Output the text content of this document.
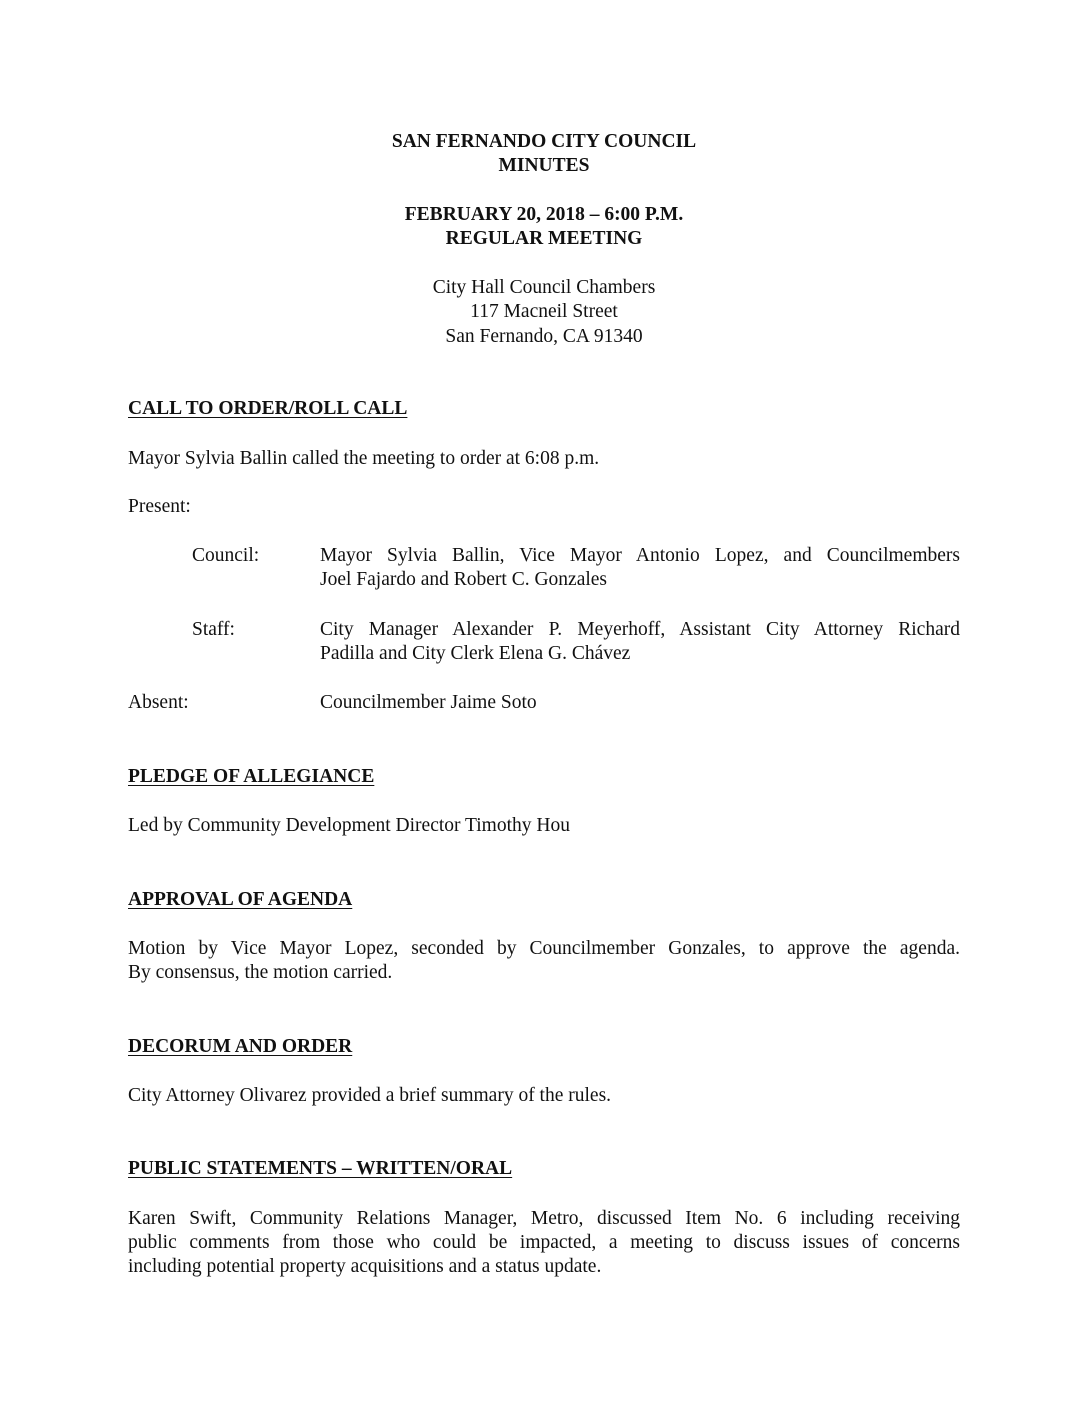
SAN FERNANDO CITY COUNCIL
MINUTES
FEBRUARY 20, 2018 – 6:00 P.M.
REGULAR MEETING
City Hall Council Chambers
117 Macneil Street
San Fernando, CA 91340
CALL TO ORDER/ROLL CALL
Mayor Sylvia Ballin called the meeting to order at 6:08 p.m.
Present:
Council:	Mayor Sylvia Ballin, Vice Mayor Antonio Lopez, and Councilmembers
Joel Fajardo and Robert C. Gonzales
Staff:	City Manager Alexander P. Meyerhoff, Assistant City Attorney Richard
Padilla and City Clerk Elena G. Chávez
Absent:	Councilmember Jaime Soto
PLEDGE OF ALLEGIANCE
Led by Community Development Director Timothy Hou
APPROVAL OF AGENDA
Motion by Vice Mayor Lopez, seconded by Councilmember Gonzales, to approve the agenda.
By consensus, the motion carried.
DECORUM AND ORDER
City Attorney Olivarez provided a brief summary of the rules.
PUBLIC STATEMENTS – WRITTEN/ORAL
Karen Swift, Community Relations Manager, Metro, discussed Item No. 6 including receiving
public comments from those who could be impacted, a meeting to discuss issues of concerns
including potential property acquisitions and a status update.
